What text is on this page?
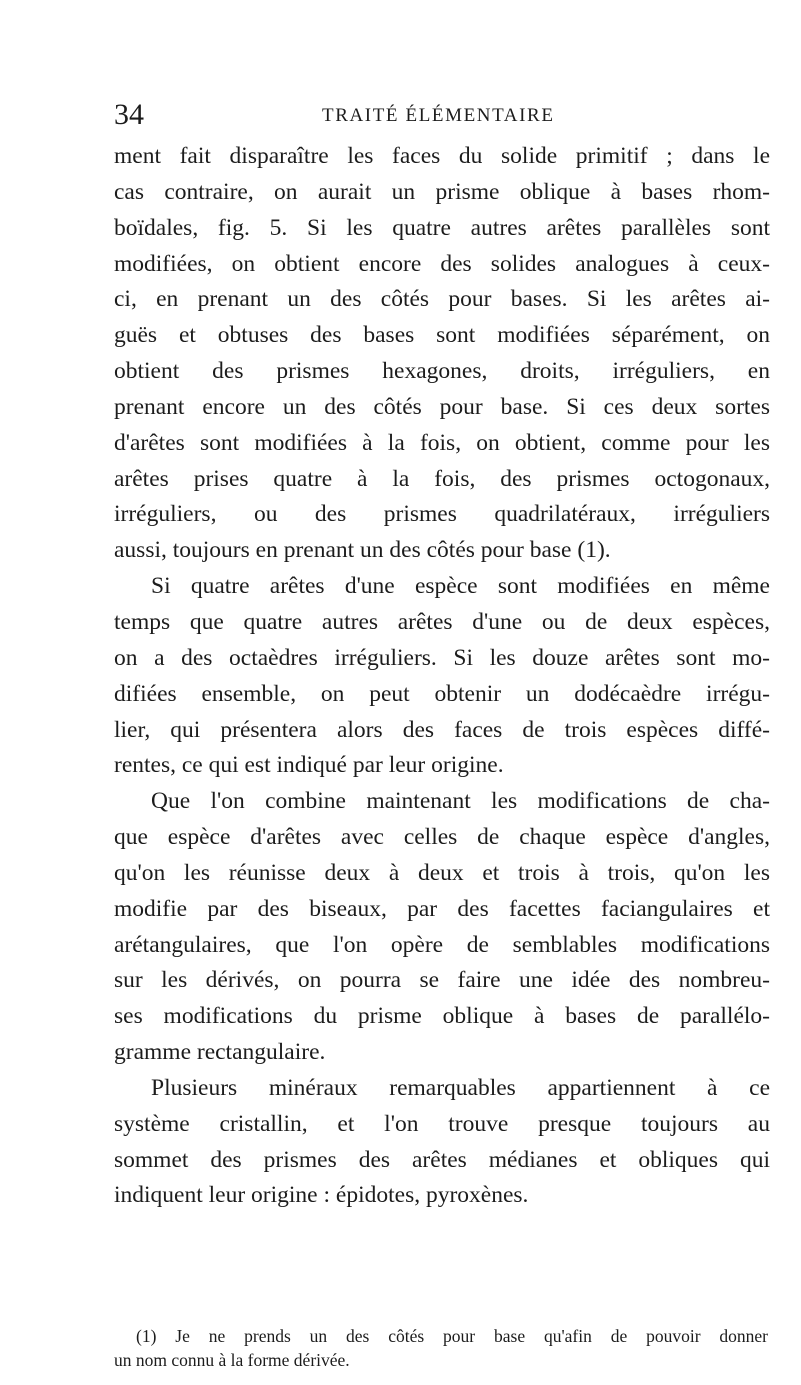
34	TRAITÉ ÉLÉMENTAIRE
ment fait disparaître les faces du solide primitif ; dans le
cas contraire, on aurait un prisme oblique à bases rhom-
boïdales, fig. 5. Si les quatre autres arêtes parallèles sont
modifiées, on obtient encore des solides analogues à ceux-
ci, en prenant un des côtés pour bases. Si les arêtes ai-
guës et obtuses des bases sont modifiées séparément, on
obtient des prismes hexagones, droits, irréguliers, en
prenant encore un des côtés pour base. Si ces deux sortes
d'arêtes sont modifiées à la fois, on obtient, comme pour les
arêtes prises quatre à la fois, des prismes octogonaux,
irréguliers, ou des prismes quadrilatéraux, irréguliers
aussi, toujours en prenant un des côtés pour base (1).
Si quatre arêtes d'une espèce sont modifiées en même
temps que quatre autres arêtes d'une ou de deux espèces,
on a des octaèdres irréguliers. Si les douze arêtes sont mo-
difiées ensemble, on peut obtenir un dodécaèdre irrégu-
lier, qui présentera alors des faces de trois espèces diffé-
rentes, ce qui est indiqué par leur origine.
Que l'on combine maintenant les modifications de cha-
que espèce d'arêtes avec celles de chaque espèce d'angles,
qu'on les réunisse deux à deux et trois à trois, qu'on les
modifie par des biseaux, par des facettes faciangulaires et
arétangulaires, que l'on opère de semblables modifications
sur les dérivés, on pourra se faire une idée des nombreu-
ses modifications du prisme oblique à bases de parallélo-
gramme rectangulaire.
Plusieurs minéraux remarquables appartiennent à ce
système cristallin, et l'on trouve presque toujours au
sommet des prismes des arêtes médianes et obliques qui
indiquent leur origine : épidotes, pyroxènes.
(1) Je ne prends un des côtés pour base qu'afin de pouvoir donner
un nom connu à la forme dérivée.
